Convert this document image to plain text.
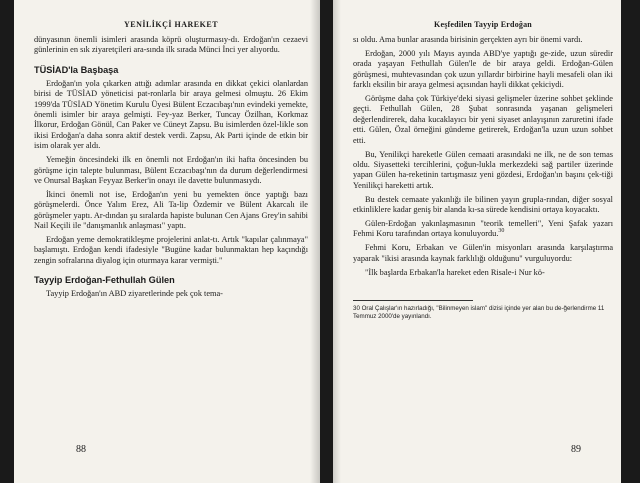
YENİLİKÇİ HAREKET

dünyasının önemli isimleri arasında köprü oluşturmasıy-dı. Erdoğan'ın cezaevi günlerinin en sık ziyaretçileri ara-sında ilk sırada Münci İnci yer alıyordu.

TÜSİAD'la Başbaşa

Erdoğan'ın yola çıkarken attığı adımlar arasında en dikkat çekici olanlardan birisi de TÜSİAD yöneticisi pat-ronlarla bir araya gelmesi olmuştu. 26 Ekim 1999'da TÜSİAD Yönetim Kurulu Üyesi Bülent Eczacıbaşı'nın evindeki yemekte, önemli isimler bir araya gelmişti. Fey-yaz Berker, Tuncay Özilhan, Korkmaz İlkorur, Erdoğan Gönül, Can Paker ve Cüneyt Zapsu. Bu isimlerden özel-likle son ikisi Erdoğan'a daha sonra aktif destek verdi. Zapsu, Ak Parti içinde de etkin bir isim olarak yer aldı.

Yemeğin öncesindeki ilk en önemli not Erdoğan'ın iki hafta öncesinden bu görüşme için talepte bulunması, Bülent Eczacıbaşı'nın da durum değerlendirmesi ve Onursal Başkan Feyyaz Berker'in onayı ile davette bulunmasıydı.

İkinci önemli not ise, Erdoğan'ın yeni bu yemekten önce yaptığı bazı görüşmelerdi. Önce Yalım Erez, Ali Ta-lip Özdemir ve Bülent Akarcalı ile görüşmeler yaptı. Ar-dından şu sıralarda hapiste bulunan Cen Ajans Grey'in sahibi Nail Keçili ile "danışmanlık anlaşması" yaptı.

Erdoğan yeme demokratikleşme projelerini anlat-tı. Artık "kapılar çalınmaya" başlamıştı. Erdoğan kendi ifadesiyle "Bugüne kadar bulunmaktan hep kaçındığı zengin sofralarına diyalog için oturmaya karar vermişti."

Tayyip Erdoğan-Fethullah Gülen

Tayyip Erdoğan'ın ABD ziyaretlerinde pek çok tema-

88
Keşfedilen Tayyip Erdoğan

sı oldu. Ama bunlar arasında birisinin gerçekten ayrı bir önemi vardı.

Erdoğan, 2000 yılı Mayıs ayında ABD'ye yaptığı ge-zide, uzun süredir orada yaşayan Fethullah Gülen'le de bir araya geldi. Erdoğan-Gülen görüşmesi, muhtevasından çok uzun yıllardır birbirine hayli mesafeli olan iki farklı eksilin bir araya gelmesi açısından hayli dikkat çekiciydi.

Görüşme daha çok Türkiye'deki siyasi gelişmeler üzerine sohbet şeklinde geçti. Fethullah Gülen, 28 Şubat sonrasında yaşanan gelişmeleri değerlendirerek, daha kucaklayıcı bir yeni siyaset anlayışının zaruretini ifade etti. Gülen, Özal örneğini gündeme getirerek, Erdoğan'la uzun uzun sohbet etti.

Bu, Yenilikçi hareketle Gülen cemaati arasındaki ne ilk, ne de son temas oldu. Siyasetteki tercihlerini, çoğun-lukla merkezdeki sağ partiler üzerinde yapan Gülen ha-reketinin tartışmasız yeni gözdesi, Erdoğan'ın başını çek-tiği Yenilikçi hareketti artık.

Bu destek cemaate yakınlığı ile bilinen yayın grupla-rından, diğer sosyal etkinliklere kadar geniş bir alanda kı-sa sürede kendisini ortaya koyacaktı.

Gülen-Erdoğan yakınlaşmasının "teorik temelleri", Yeni Şafak yazarı Fehmi Koru tarafından ortaya konuluyordu.$^{30}$

Fehmi Koru, Erbakan ve Gülen'in misyonları arasında karşılaştırma yaparak "ikisi arasında kaynak farklılığı olduğunu" vurguluyordu:

"İlk başlarda Erbakan'la hareket eden Risale-i Nur kö-

30 Oral Çalışlar'ın hazırladığı, "Bilinmeyen islam" dizisi içinde yer alan bu de-ğerlendirme 11 Temmuz 2000'de yayınlandı.

89
